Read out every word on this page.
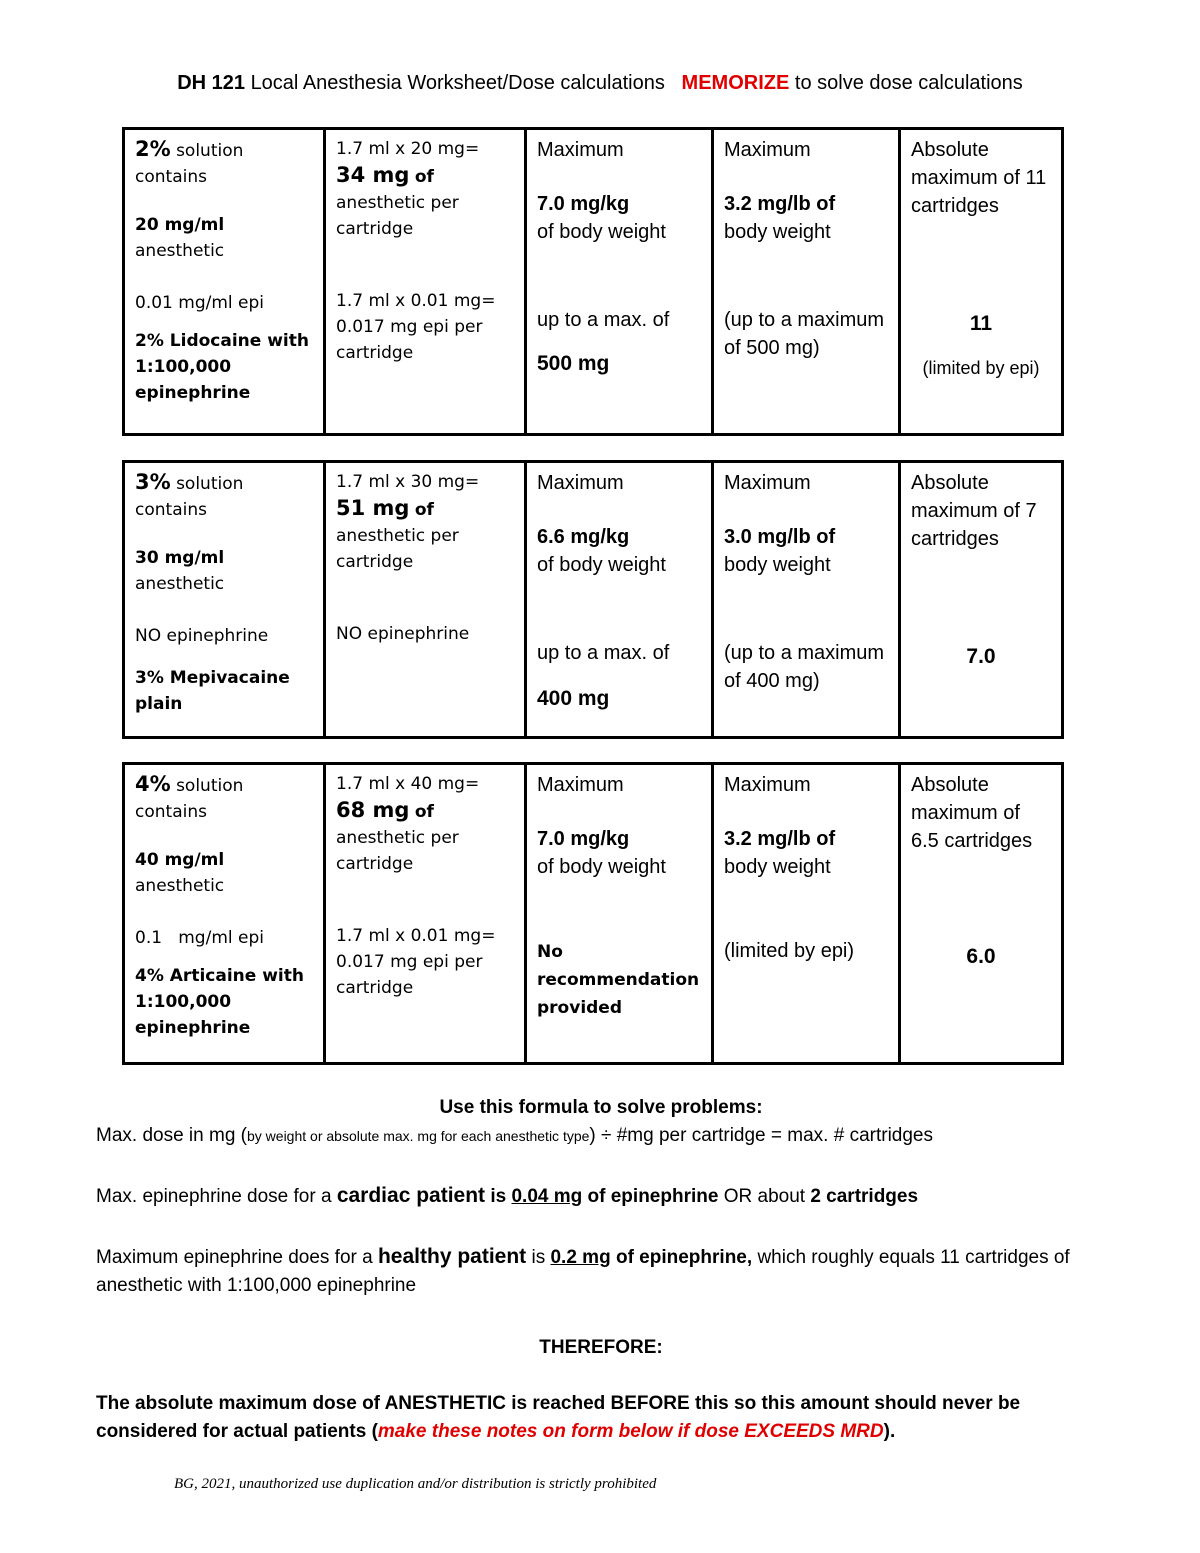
DH 121 Local Anesthesia Worksheet/Dose calculations MEMORIZE to solve dose calculations
2% solution
contains
20 mg/ml
anesthetic
0.01 mg/ml epi
2% Lidocaine with 1:100,000 epinephrine	1.7 ml x 20 mg=
34 mg of
anesthetic per cartridge
1.7 ml x 0.01 mg= 0.017 mg epi per cartridge	Maximum
7.0 mg/kg
of body weight
up to a max. of
500 mg	Maximum
3.2 mg/lb of
body weight
(up to a maximum of 500 mg)	Absolute maximum of 11 cartridges
11
(limited by epi)
3% solution
contains
30 mg/ml
anesthetic
NO epinephrine
3% Mepivacaine plain	1.7 ml x 30 mg=
51 mg of
anesthetic per cartridge
NO epinephrine	Maximum
6.6 mg/kg
of body weight
up to a max. of
400 mg	Maximum
3.0 mg/lb of
body weight
(up to a maximum of 400 mg)	Absolute maximum of 7 cartridges
7.0
4% solution
contains
40 mg/ml
anesthetic
0.1   mg/ml epi
4% Articaine with 1:100,000 epinephrine	1.7 ml x 40 mg=
68 mg of
anesthetic per cartridge
1.7 ml x 0.01 mg= 0.017 mg epi per cartridge	Maximum
7.0 mg/kg
of body weight
No recommendation provided	Maximum
3.2 mg/lb of
body weight
(limited by epi)	Absolute maximum of 6.5 cartridges
6.0
Use this formula to solve problems:
Max. dose in mg (by weight or absolute max. mg for each anesthetic type) ÷ #mg per cartridge = max. # cartridges
Max. epinephrine dose for a cardiac patient is 0.04 mg of epinephrine OR about 2 cartridges
Maximum epinephrine does for a healthy patient is 0.2 mg of epinephrine, which roughly equals 11 cartridges of anesthetic with 1:100,000 epinephrine
THEREFORE:
The absolute maximum dose of ANESTHETIC is reached BEFORE this so this amount should never be considered for actual patients (make these notes on form below if dose EXCEEDS MRD).
BG, 2021, unauthorized use duplication and/or distribution is strictly prohibited
